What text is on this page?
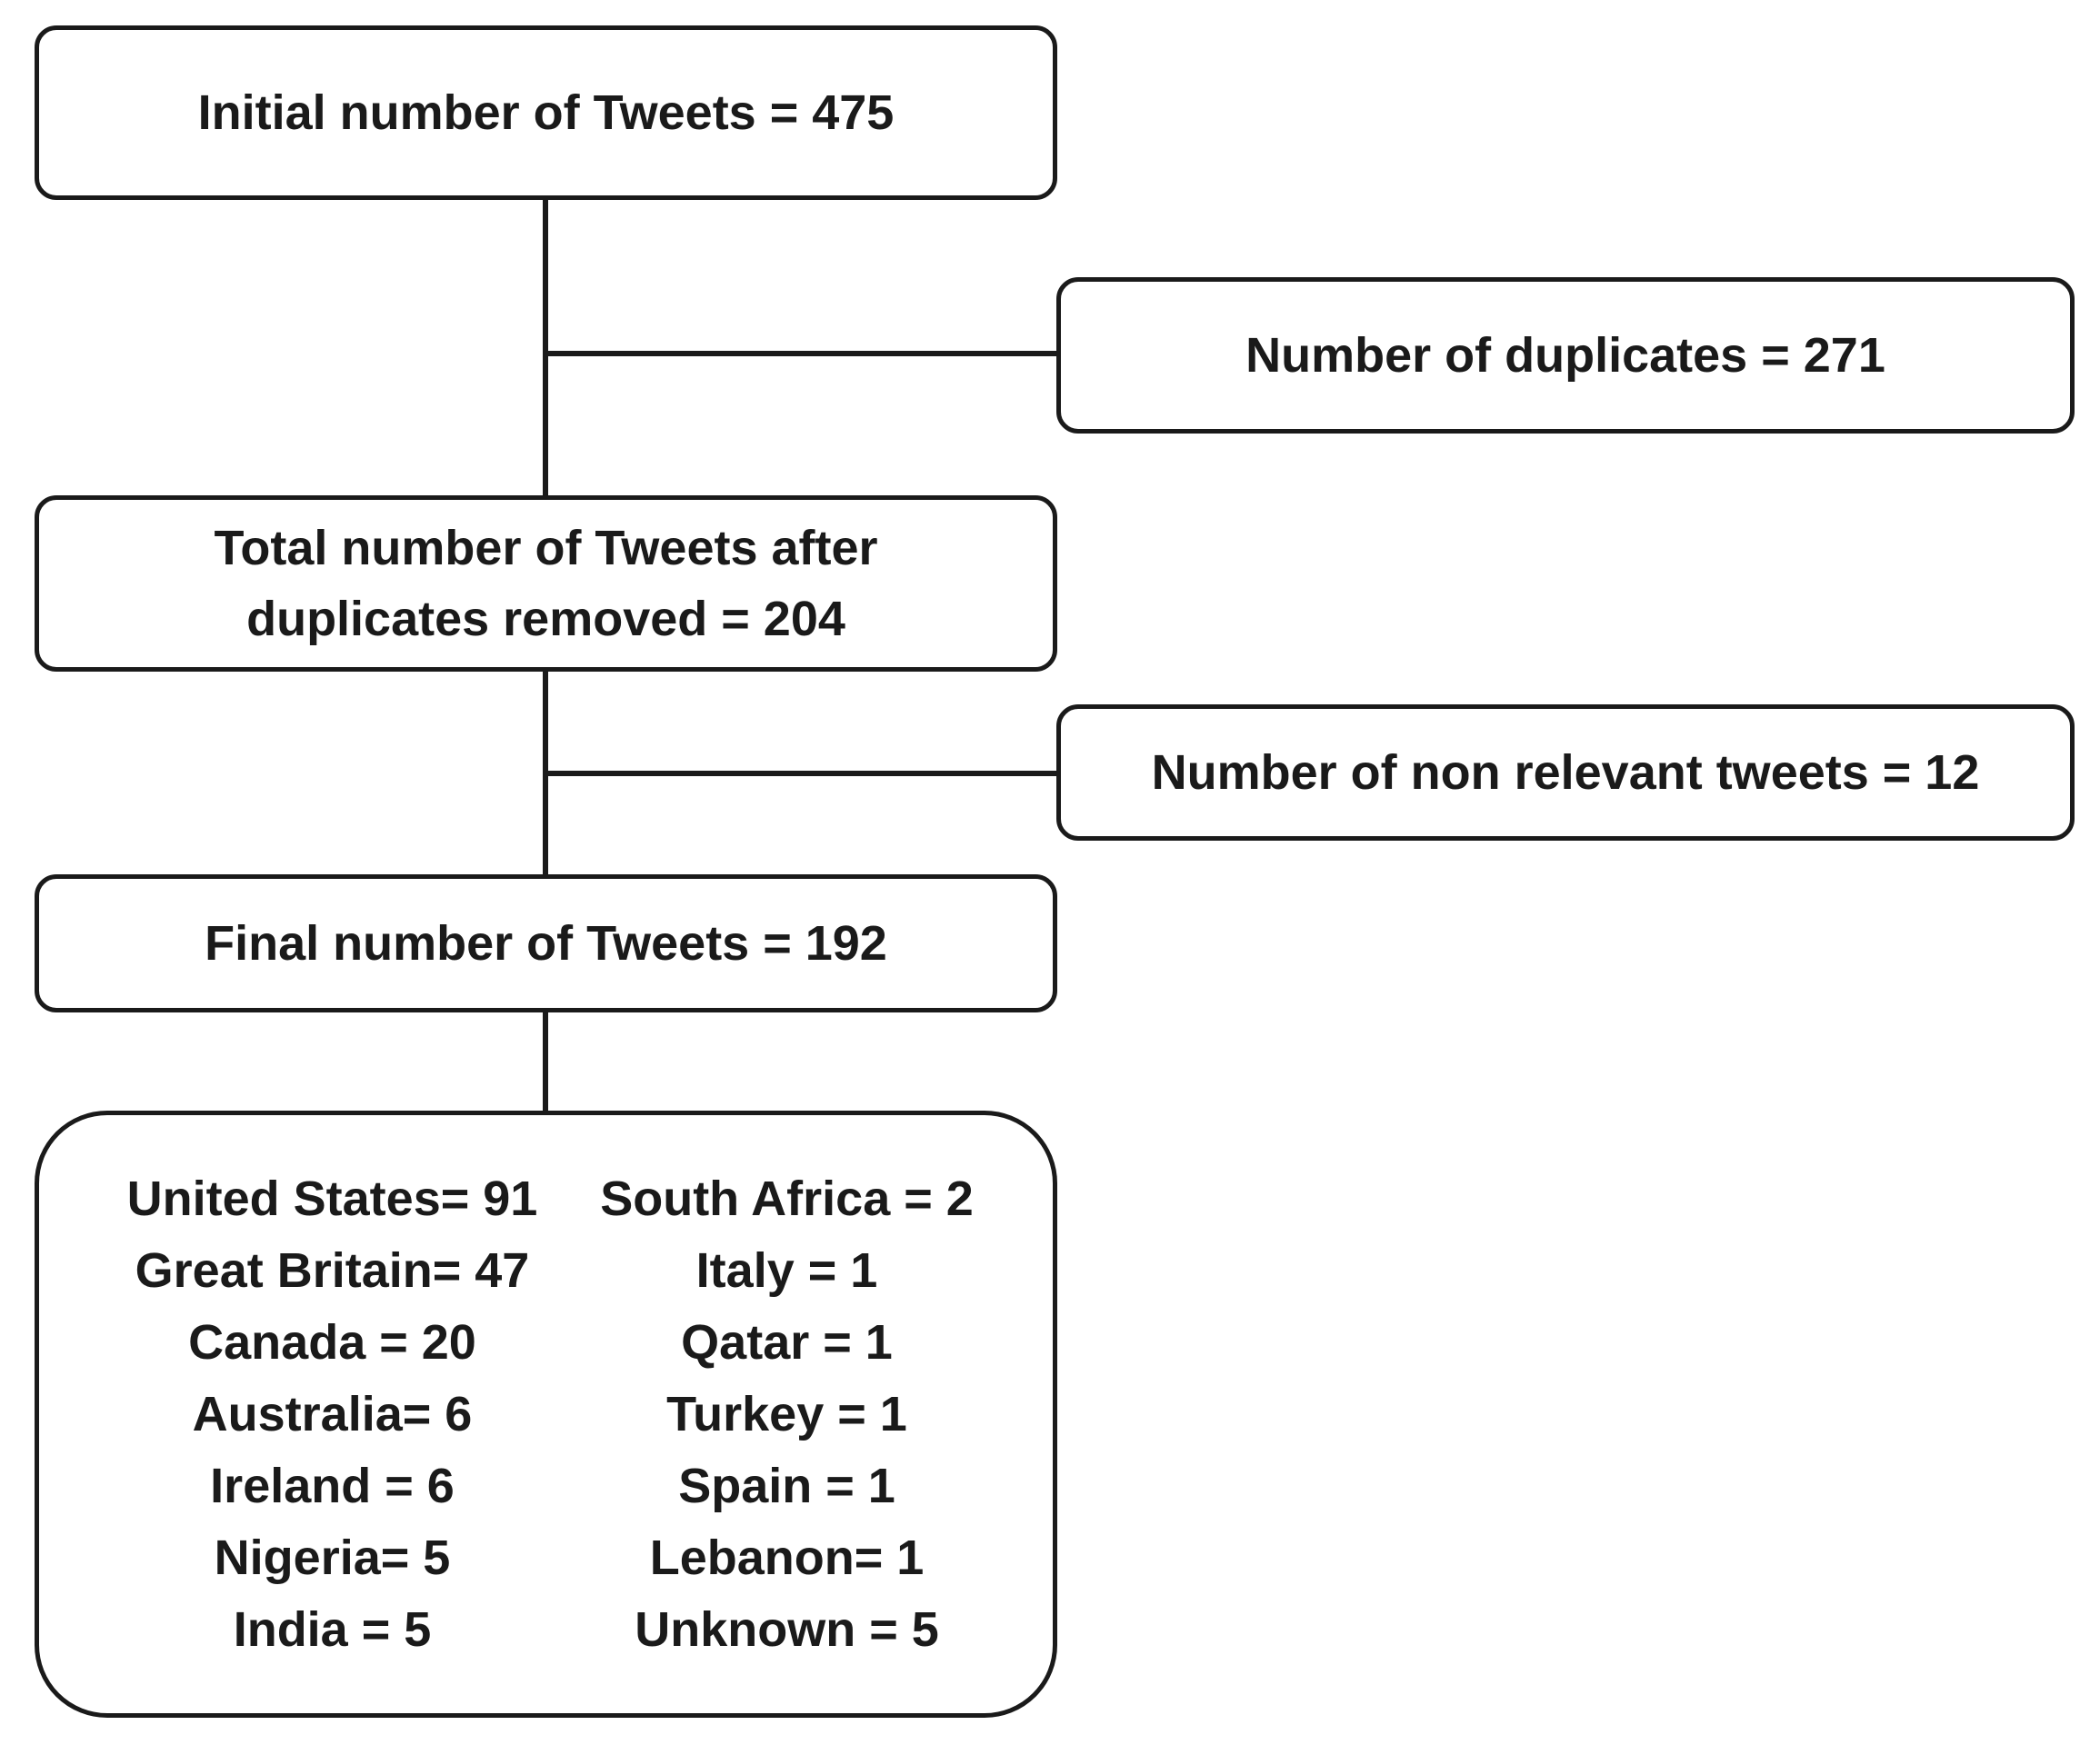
Initial number of Tweets = 475
Number of duplicates = 271
Total number of Tweets after
duplicates removed = 204
Number of non relevant tweets = 12
Final number of Tweets = 192
United States= 91
Great Britain= 47
Canada = 20
Australia= 6
Ireland = 6
Nigeria= 5
India = 5
South Africa = 2
Italy = 1
Qatar = 1
Turkey = 1
Spain = 1
Lebanon= 1
Unknown = 5
